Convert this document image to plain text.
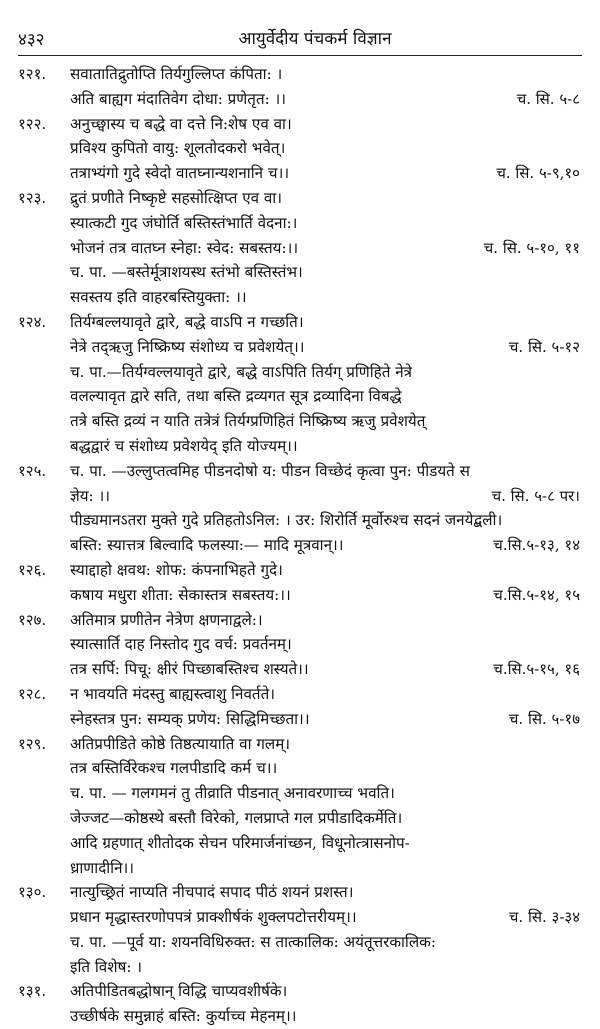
४३२	आयुर्वेदीय पंचकर्म विज्ञान
१२१.	सवातातिद्रुतोप्ति तिर्यगुल्लिप्त कंपिता: ।
अति बाह्यग मंदातिवेग दोधा: प्रणेतृत: ।।	च. सि. ५-८
१२२.	अनुच्छ्वास्य च बद्धे वा दत्ते नि:शेष एव वा।
प्रविश्य कुपितो वायु: शूलतोदकरो भवेत्।
तत्राभ्यंगो गुदे स्वेदो वातघ्नान्यशनानि च।।	च. सि. ५-९,१०
१२३.	द्रुतं प्रणीते निष्कृष्टे सहसोत्क्षिप्त एव वा।
स्यात्कटी गुद जंघोर्ति बस्तिस्तंभार्ति वेदना:।
भोजनं तत्र वातघ्न स्नेहा: स्वेद: सबस्तय:।।	च. सि. ५-१०, ११
च. पा. —बस्तेर्मूत्राशयस्थ स्तंभो बस्तिस्तंभ।
सवस्तय इति वाहरबस्तियुक्ता: ।।
१२४.	तिर्यग्बल्लयावृते द्वारे, बद्धे वाऽपि न गच्छति।
नेत्रे तद्‍‌ऋजु निष्क्रिष्य संशोध्य च प्रवेशयेत्।।	च. सि. ५-१२
च. पा.—तिर्यग्वल्लयावृते द्वारे, बद्धे वाऽपिति तिर्यग् प्रणिहिते नेत्रे
वलल्यावृत द्वारे सति, तथा बस्ति द्रव्यगत सूत्र द्रव्यादिना विबद्धे
तत्रे बस्ति द्रव्यं न याति तत्रेत्रं तिर्यग्प्रणिहितं निष्क्रिष्य ऋजु प्रवेशयेत्
बद्धद्वारं च संशोध्य प्रवेशयेद् इति योज्यम्।।
१२५.	च. पा. —उल्लुप्तत्वमिह पीडनदोषो य: पीडन विच्छेदं कृत्वा पुन: पीडयते स
ज्ञेय: ।।	च. सि. ५-८ पर।
पीड्यमानऽतरा मुक्ते गुदे प्रतिहतोऽनिल: । उर: शिरोर्ति मूर्वोरुश्च सदनं जनयेद्बली।
बस्ति: स्यात्तत्र बिल्वादि फलस्या:— मादि मूत्रवान्।।	च.सि.५-१३, १४
१२६.	स्याद्दाहो क्षवथ: शोफ: कंपनाभिहते गुदे।
कषाय मधुरा शीता: सेकास्तत्र सबस्तय:।।	च.सि.५-१४, १५
१२७.	अतिमात्र प्रणीतेन नेत्रेण क्षणनाद्वले:।
स्यात्सार्ति दाह निस्तोद गुद वर्च: प्रवर्तनम्।
तत्र सर्पि: पिचू: क्षीरं पिच्छाबस्तिश्च शस्यते।।	च.सि.५-१५, १६
१२८.	न भावयति मंदस्तु बाह्यस्त्वाशु निवर्तते।
स्नेहस्तत्र पुन: सम्यक् प्रणेय: सिद्धिमिच्छता।।	च. सि. ५-१७
१२९.	अतिप्रपीडिते कोष्ठे तिष्ठत्यायाति वा गलम्।
तत्र बस्तिर्विरेकश्च गलपीडादि कर्म च।।
च. पा. — गलगमनं तु तीव्राति पीडनात् अनावरणाच्च भवति।
जेज्जट—कोष्ठस्थे बस्तौ विरेको, गलप्राप्ते गल प्रपीडादिकर्मेति।
आदि ग्रहणात् शीतोदक सेचन परिमार्जनांच्छन, विधूनोत्त्रासनोप-
ध्राणादीनि।।
१३०.	नात्युच्छ्रितं नाप्यति नीचपादं सपाद पीठं शयनं प्रशस्त।
प्रधान मृद्धास्तरणोपपत्रं प्राक्शीर्षकं शुक्लपटोत्तरीयम्।।	च. सि. ३-३४
च. पा. —पूर्व या: शयनविधिरुक्त: स तात्कालिक: अयंतूत्तरकालिक:
इति विशेष: ।
१३१.	अतिपीडितबद्धोषान् विद्धि चाप्यवशीर्षके।
उच्छीर्षके समुन्नाहं बस्ति: कुर्याच्च मेहनम्।।
